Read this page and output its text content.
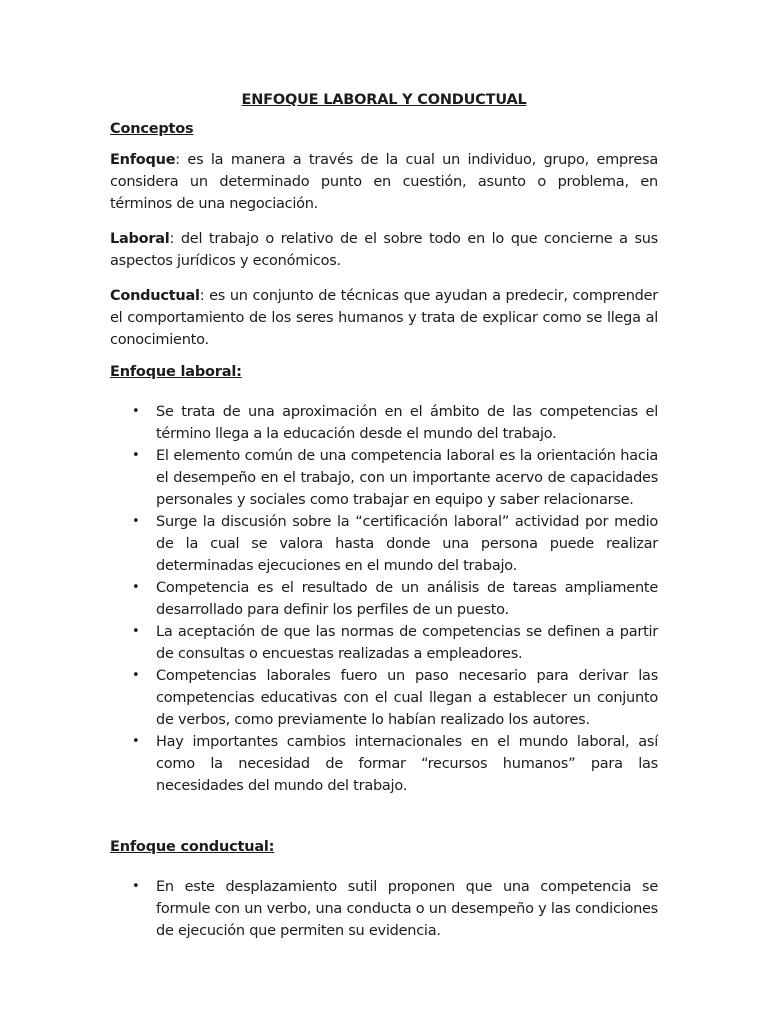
ENFOQUE LABORAL Y CONDUCTUAL
Conceptos

Enfoque: es la manera a través de la cual un individuo, grupo, empresa considera un determinado punto en cuestión, asunto o problema, en términos de una negociación.

Laboral: del trabajo o relativo de el sobre todo en lo que concierne a sus aspectos jurídicos y económicos.

Conductual: es un conjunto de técnicas que ayudan a predecir, comprender el comportamiento de los seres humanos y trata de explicar como se llega al conocimiento.

Enfoque laboral:
• Se trata de una aproximación en el ámbito de las competencias el término llega a la educación desde el mundo del trabajo.
• El elemento común de una competencia laboral es la orientación hacia el desempeño en el trabajo, con un importante acervo de capacidades personales y sociales como trabajar en equipo y saber relacionarse.
• Surge la discusión sobre la “certificación laboral” actividad por medio de la cual se valora hasta donde una persona puede realizar determinadas ejecuciones en el mundo del trabajo.
• Competencia es el resultado de un análisis de tareas ampliamente desarrollado para definir los perfiles de un puesto.
• La aceptación de que las normas de competencias se definen a partir de consultas o encuestas realizadas a empleadores.
• Competencias laborales fuero un paso necesario para derivar las competencias educativas con el cual llegan a establecer un conjunto de verbos, como previamente lo habían realizado los autores.
• Hay importantes cambios internacionales en el mundo laboral, así como la necesidad de formar “recursos humanos” para las necesidades del mundo del trabajo.
Enfoque conductual:
• En este desplazamiento sutil proponen que una competencia se formule con un verbo, una conducta o un desempeño y las condiciones de ejecución que permiten su evidencia.
